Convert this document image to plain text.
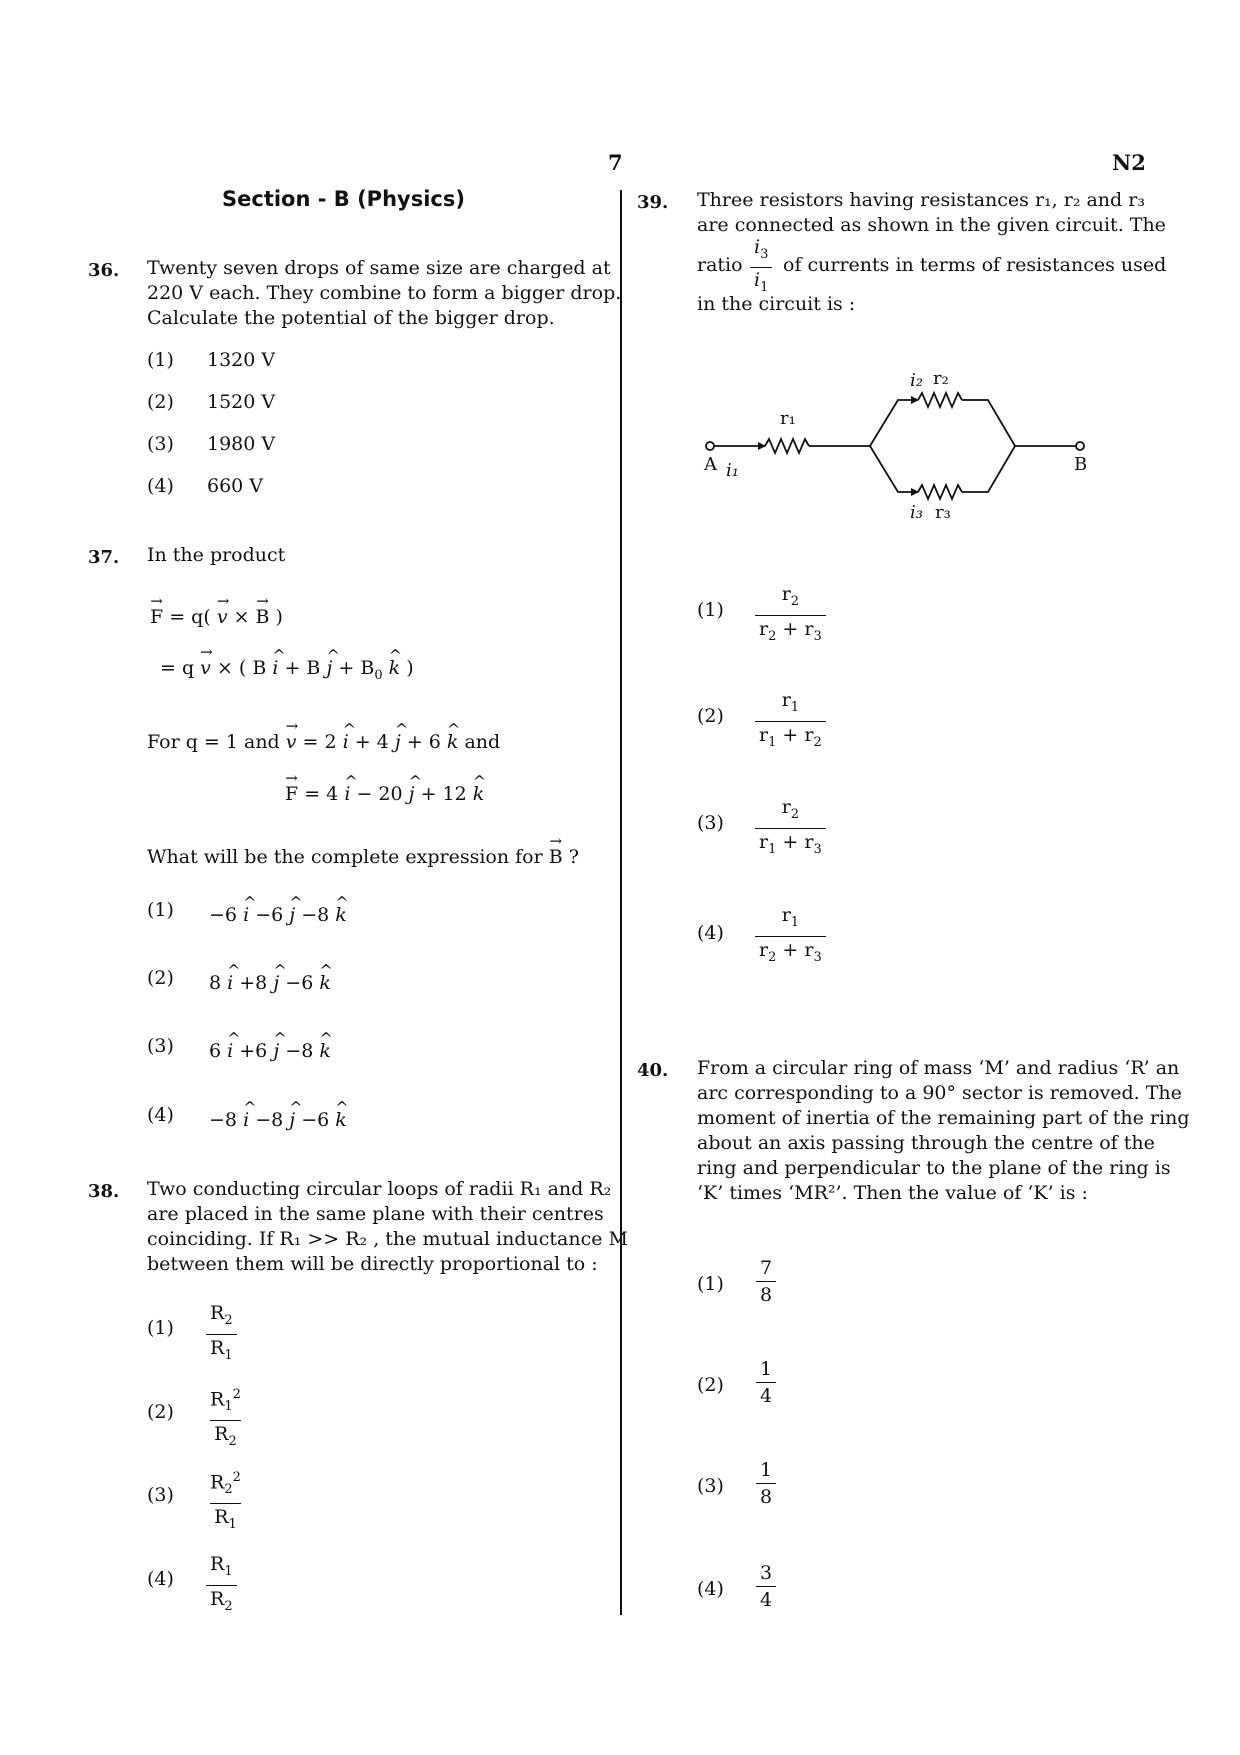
7	N2
Section - B (Physics)
36. Twenty seven drops of same size are charged at
220 V each. They combine to form a bigger drop.
Calculate the potential of the bigger drop.
(1) 1320 V
(2) 1520 V
(3) 1980 V
(4) 660 V
37. In the product
→ F = q( → v × → B )
= q → v × ( B ^ i + B ^ $j + B_0$ ^ k )
For q = 1 and → v = 2 ^ i + 4 ^ j + 6 ^ k and
→ F = 4 ^ i − 20 ^ j + 12 ^ k
What will be the complete expression for → B ?
(1) −6 ^ i −6 ^ j −8 ^ k
(2) 8 ^ i +8 ^ j −6 ^ k
(3) 6 ^ i +6 ^ j −8 ^ k
(4) −8 ^ i −8 ^ j −6 ^ k
38. Two conducting circular loops of radii R₁ and R₂
are placed in the same plane with their centres
coinciding. If R₁ >> R₂ , the mutual inductance M
between them will be directly proportional to :
$(1) \frac{R_2}{R_1}$
$(2) \frac{R_1^2}{R_2}$
$(3) \frac{R_2^2}{R_1}$
$(4) \frac{R_1}{R_2}$
39. Three resistors having resistances r₁, r₂ and r₃
are connected as shown in the given circuit. The
ratio $\frac{i_3}{i_1}$ of currents in terms of resistances used
in the circuit is :
A i₁
r₁
i₂ r₂
i₃ r₃
B
$(1) \frac{r_2}{r_2 + r_3}$
$(2) \frac{r_1}{r_1 + r_2}$
$(3) \frac{r_2}{r_1 + r_3}$
$(4) \frac{r_1}{r_2 + r_3}$
40. From a circular ring of mass ‘M’ and radius ‘R’ an
arc corresponding to a 90° sector is removed. The
moment of inertia of the remaining part of the ring
about an axis passing through the centre of the
ring and perpendicular to the plane of the ring is
‘K’ times ‘MR²’. Then the value of ‘K’ is :
$(1) \frac{7}{8}$
$(2) \frac{1}{4}$
$(3) \frac{1}{8}$
$(4) \frac{3}{4}$
